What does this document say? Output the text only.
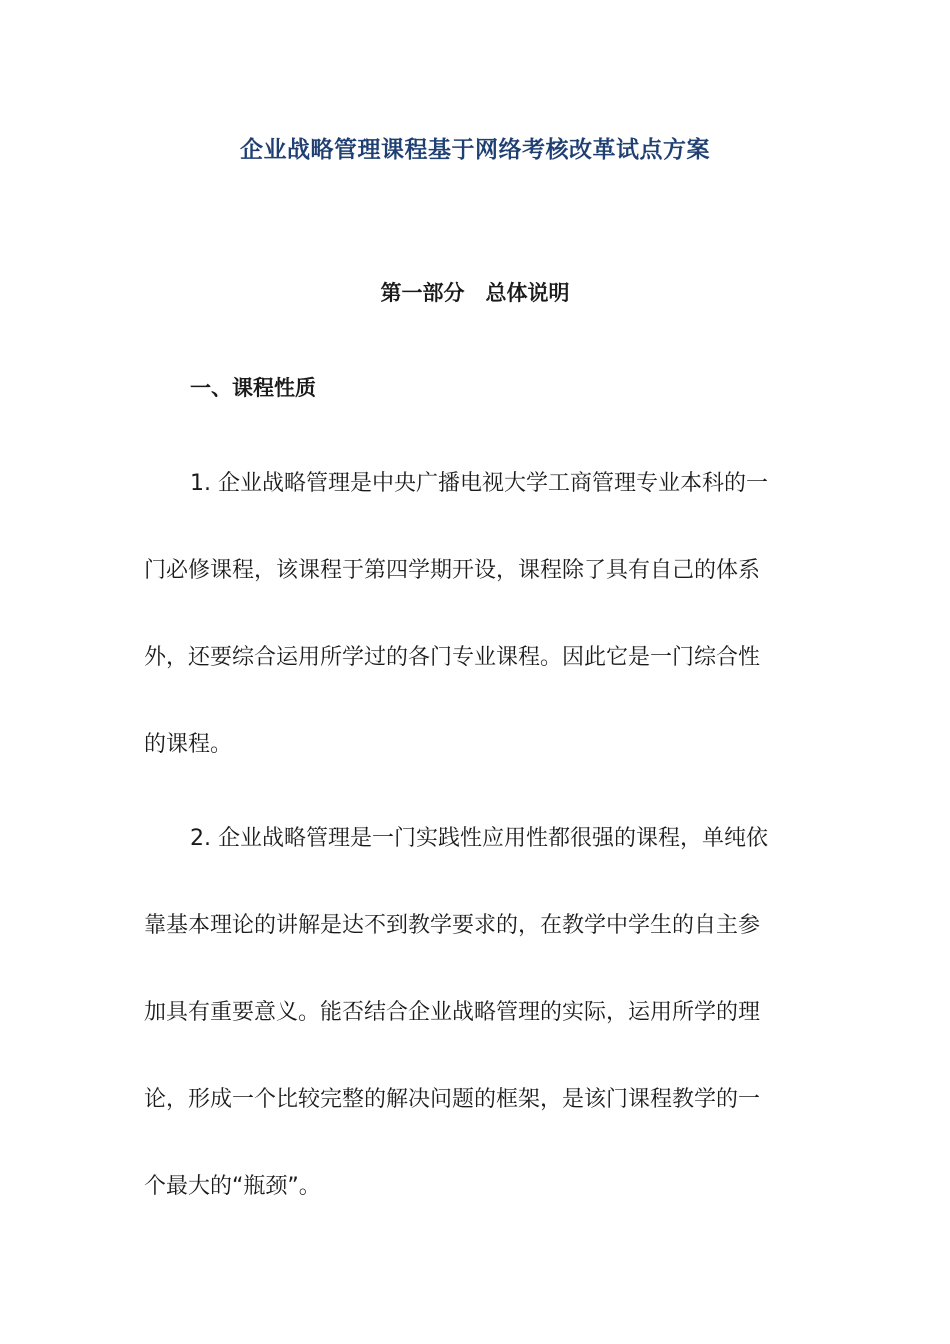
企业战略管理课程基于网络考核改革试点方案
第一部分　总体说明
一、课程性质

1. 企业战略管理是中央广播电视大学工商管理专业本科的一

门必修课程，该课程于第四学期开设，课程除了具有自己的体系

外，还要综合运用所学过的各门专业课程。因此它是一门综合性

的课程。

2. 企业战略管理是一门实践性应用性都很强的课程，单纯依

靠基本理论的讲解是达不到教学要求的，在教学中学生的自主参

加具有重要意义。能否结合企业战略管理的实际，运用所学的理

论，形成一个比较完整的解决问题的框架，是该门课程教学的一

个最大的“瓶颈”。
